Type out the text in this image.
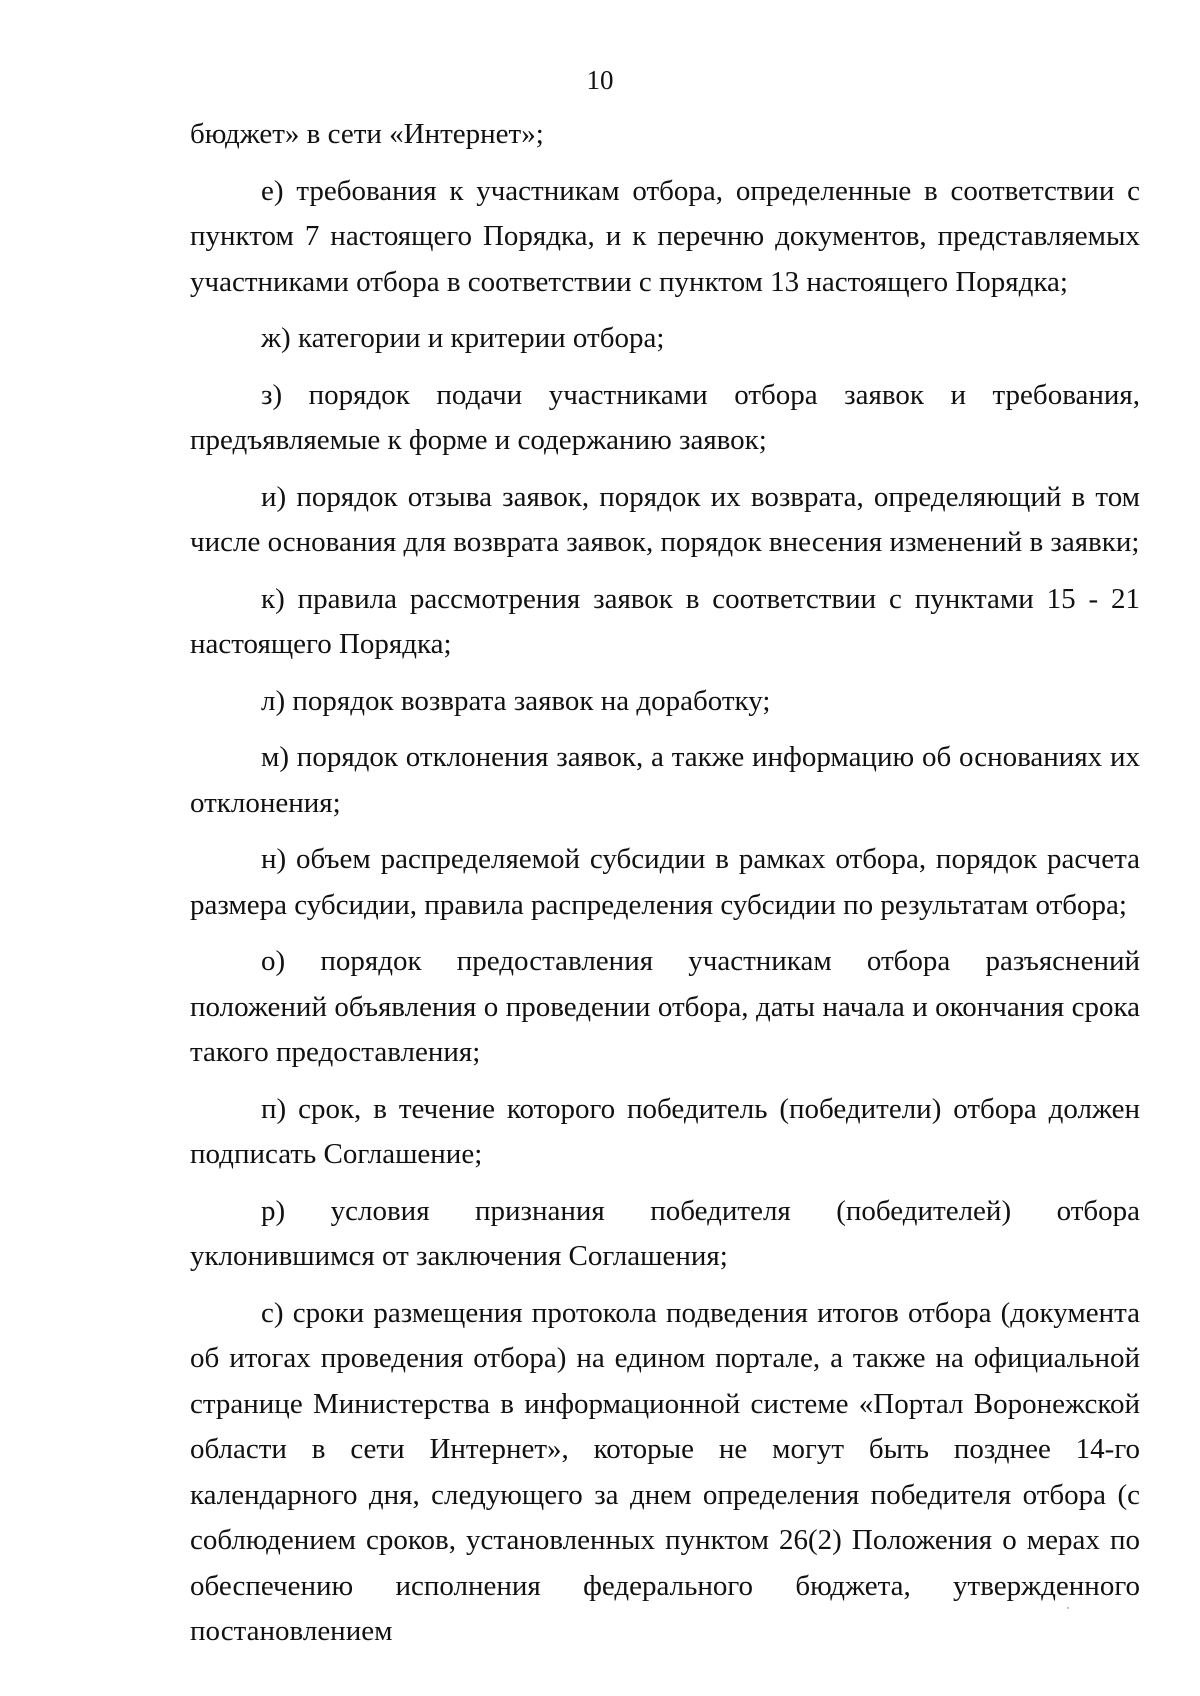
10

бюджет» в сети «Интернет»;

е) требования к участникам отбора, определенные в соответствии с пунктом 7 настоящего Порядка, и к перечню документов, представляемых участниками отбора в соответствии с пунктом 13 настоящего Порядка;

ж) категории и критерии отбора;

з) порядок подачи участниками отбора заявок и требования, предъявляемые к форме и содержанию заявок;

и) порядок отзыва заявок, порядок их возврата, определяющий в том числе основания для возврата заявок, порядок внесения изменений в заявки;

к) правила рассмотрения заявок в соответствии с пунктами 15 - 21 настоящего Порядка;

л) порядок возврата заявок на доработку;

м) порядок отклонения заявок, а также информацию об основаниях их отклонения;

н) объем распределяемой субсидии в рамках отбора, порядок расчета размера субсидии, правила распределения субсидии по результатам отбора;

о) порядок предоставления участникам отбора разъяснений положений объявления о проведении отбора, даты начала и окончания срока такого предоставления;

п) срок, в течение которого победитель (победители) отбора должен подписать Соглашение;

р) условия признания победителя (победителей) отбора уклонившимся от заключения Соглашения;

с) сроки размещения протокола подведения итогов отбора (документа об итогах проведения отбора) на едином портале, а также на официальной странице Министерства в информационной системе «Портал Воронежской области в сети Интернет», которые не могут быть позднее 14-го календарного дня, следующего за днем определения победителя отбора (с соблюдением сроков, установленных пунктом 26(2) Положения о мерах по обеспечению исполнения федерального бюджета, утвержденного постановлением
